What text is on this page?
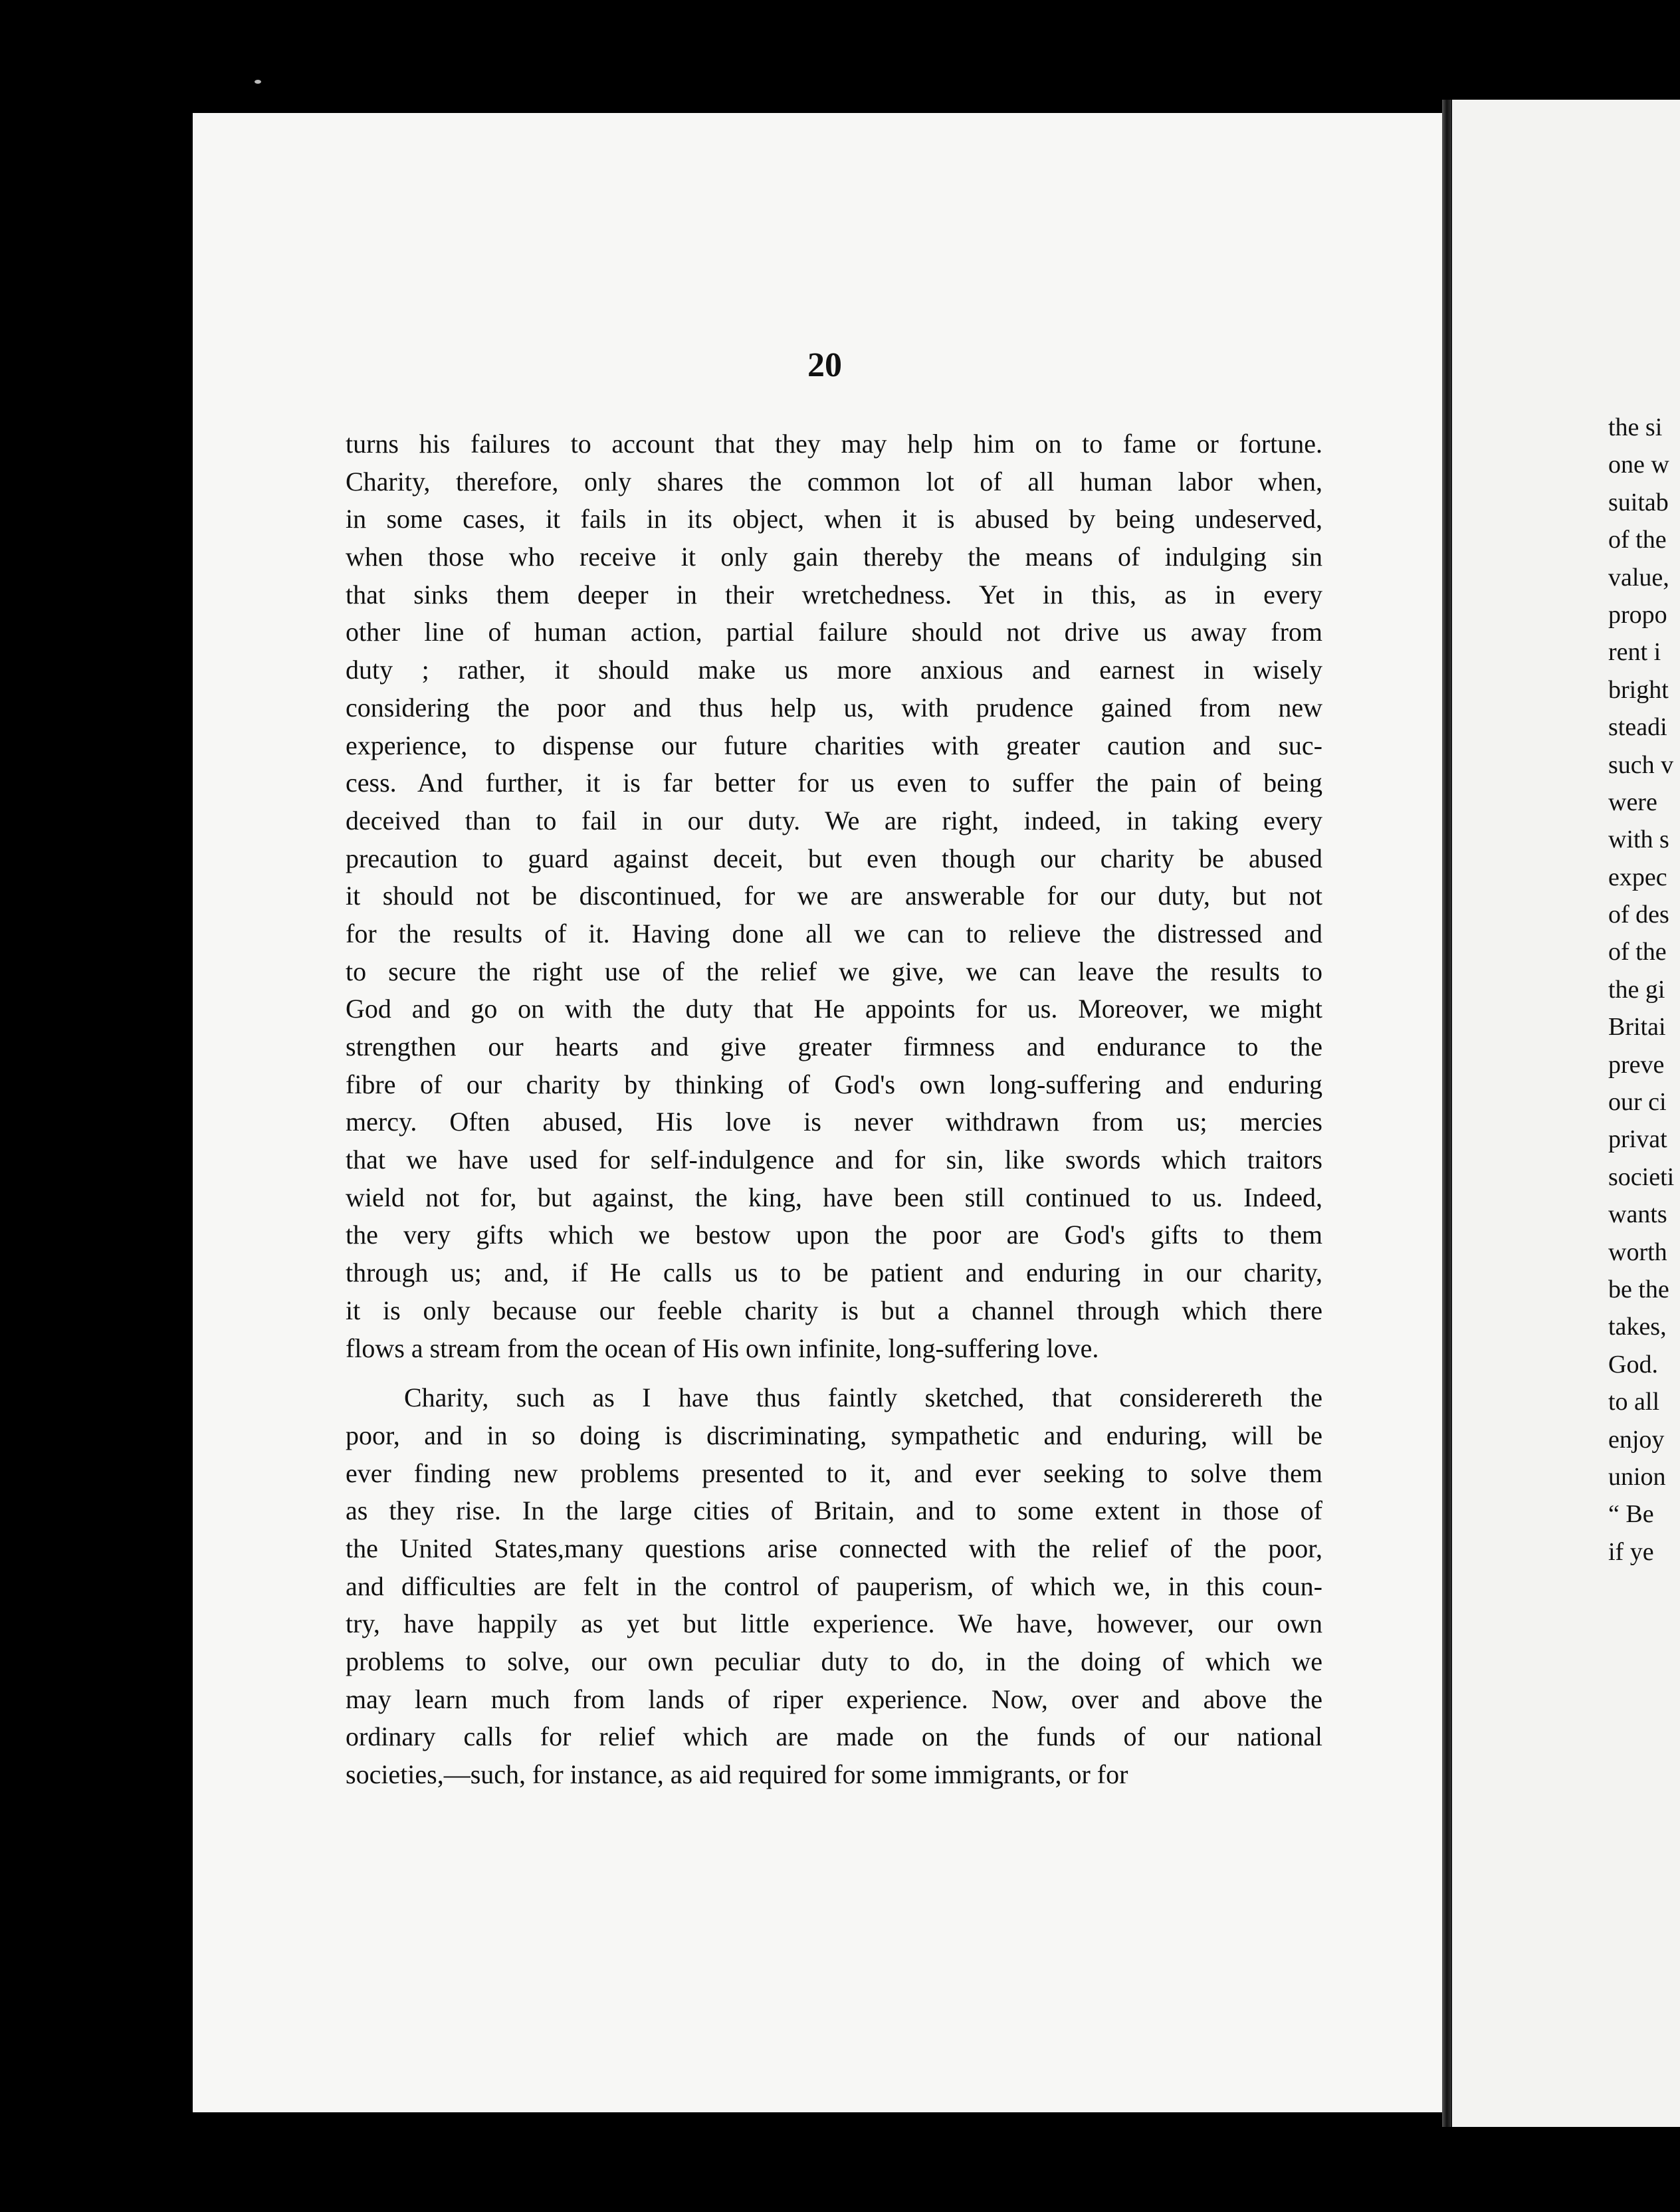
20
turns his failures to account that they may help him on to fame or fortune.
Charity, therefore, only shares the common lot of all human labor when,
in some cases, it fails in its object, when it is abused by being undeserved,
when those who receive it only gain thereby the means of indulging sin
that sinks them deeper in their wretchedness. Yet in this, as in every
other line of human action, partial failure should not drive us away from
duty ; rather, it should make us more anxious and earnest in wisely
considering the poor and thus help us, with prudence gained from new
experience, to dispense our future charities with greater caution and suc-
cess. And further, it is far better for us even to suffer the pain of being
deceived than to fail in our duty. We are right, indeed, in taking every
precaution to guard against deceit, but even though our charity be abused
it should not be discontinued, for we are answerable for our duty, but not
for the results of it. Having done all we can to relieve the distressed and
to secure the right use of the relief we give, we can leave the results to
God and go on with the duty that He appoints for us. Moreover, we might
strengthen our hearts and give greater firmness and endurance to the
fibre of our charity by thinking of God's own long-suffering and enduring
mercy. Often abused, His love is never withdrawn from us; mercies
that we have used for self-indulgence and for sin, like swords which traitors
wield not for, but against, the king, have been still continued to us. Indeed,
the very gifts which we bestow upon the poor are God's gifts to them
through us; and, if He calls us to be patient and enduring in our charity,
it is only because our feeble charity is but a channel through which there
flows a stream from the ocean of His own infinite, long-suffering love.
Charity, such as I have thus faintly sketched, that considerereth the
poor, and in so doing is discriminating, sympathetic and enduring, will be
ever finding new problems presented to it, and ever seeking to solve them
as they rise. In the large cities of Britain, and to some extent in those of
the United States,many questions arise connected with the relief of the poor,
and difficulties are felt in the control of pauperism, of which we, in this coun-
try, have happily as yet but little experience. We have, however, our own
problems to solve, our own peculiar duty to do, in the doing of which we
may learn much from lands of riper experience. Now, over and above the
ordinary calls for relief which are made on the funds of our national
societies,—such, for instance, as aid required for some immigrants, or for
the si
one w
suitab
of the
value,
propo
rent i
bright
steadi
such v
were
with s
expec
of des
of the
the gi
Britai
preve
our ci
privat
societi
wants
worth
be the
takes,
God.
to all
enjoy
union
“ Be
if ye
